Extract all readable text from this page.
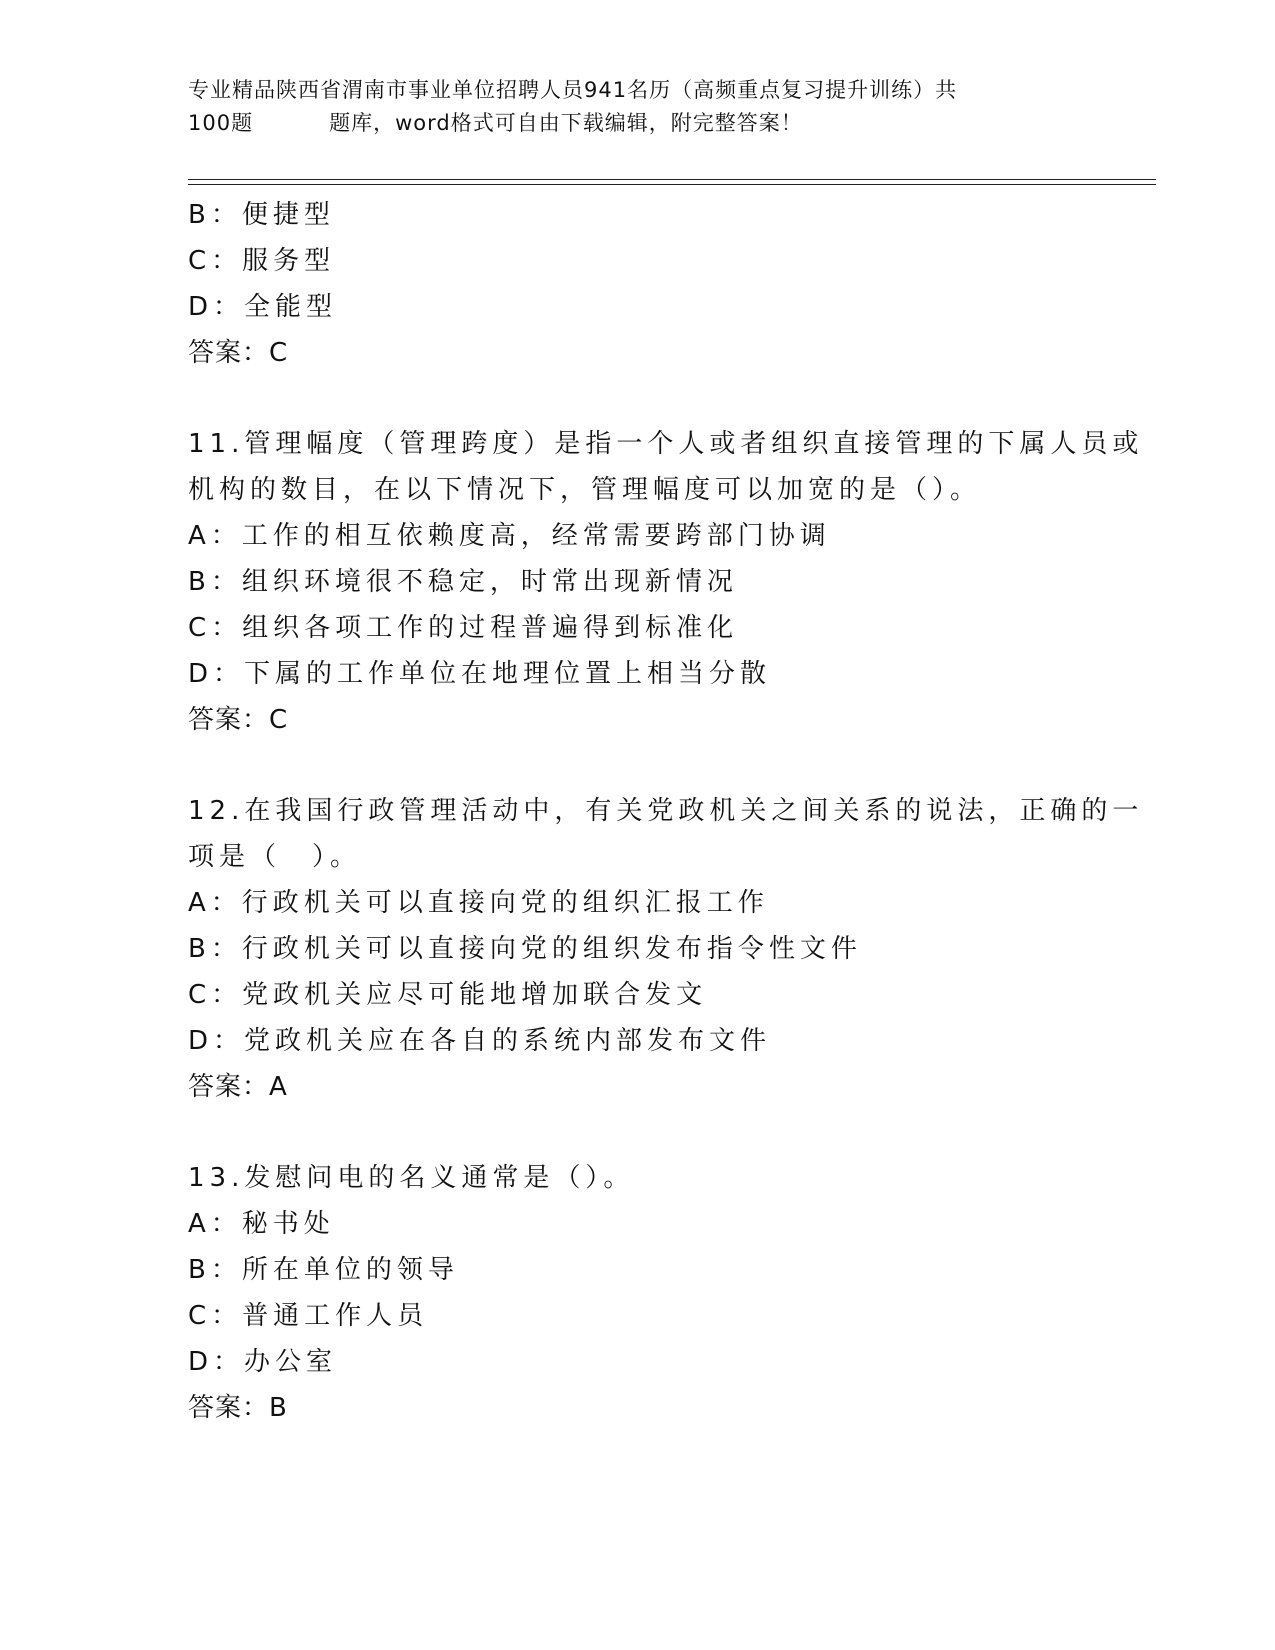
专业精品陕西省渭南市事业单位招聘人员941名历（高频重点复习提升训练）共
100题	题库，word格式可自由下载编辑，附完整答案！
B：便捷型
C：服务型
D：全能型
答案：C
11.管理幅度（管理跨度）是指一个人或者组织直接管理的下属人员或
机构的数目，在以下情况下，管理幅度可以加宽的是（）。
A：工作的相互依赖度高，经常需要跨部门协调
B：组织环境很不稳定，时常出现新情况
C：组织各项工作的过程普遍得到标准化
D：下属的工作单位在地理位置上相当分散
答案：C
12.在我国行政管理活动中，有关党政机关之间关系的说法，正确的一
项是（　）。
A：行政机关可以直接向党的组织汇报工作
B：行政机关可以直接向党的组织发布指令性文件
C：党政机关应尽可能地增加联合发文
D：党政机关应在各自的系统内部发布文件
答案：A
13.发慰问电的名义通常是（）。
A：秘书处
B：所在单位的领导
C：普通工作人员
D：办公室
答案：B
